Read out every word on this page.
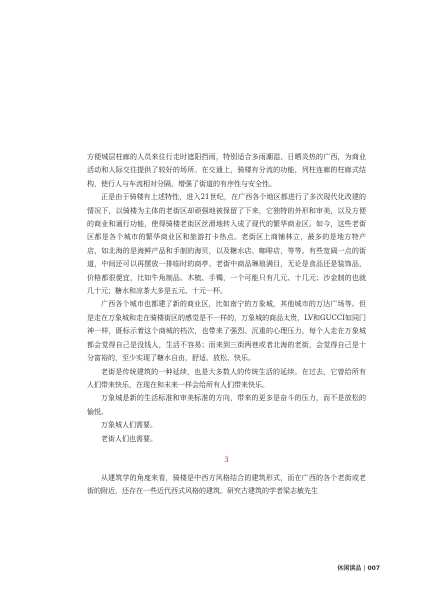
方便城层柱廊的人员来往行走时遮阳挡雨，特别适合多雨潮湿、日晒炎热的广西，为商业活动和人际交往提供了较好的场所。在交通上，骑楼有分流的功能，列柱连廊的柱廊式结构，使行人与车流相对分隔，增强了街道的有序性与安全性。

正是由于骑楼有上述特性，进入21世纪，在广西各个地区都进行了多次现代化改建的情况下，以骑楼为主体的老街区却顽强地被保留了下来，它独特的外形和审美，以及方便的商业和通行功能，使得骑楼老街区丝滑地转入成了现代的繁华商业区。如今，这些老街区都是各个城市的繁华商业区和旅游打卡热点。老街区上商铺林立，最多的是地方特产店，如北海的是海鲜产品和手制的海贝，以及糖水店、咖啡店，等等。有些宽阔一点的街道，中间还可以再摆放一排临时的商亭。老街中商品琳琅满目，无论是食品还是装饰品，价格都很便宜，比如牛角制品、木梳、手镯，一个可能只有几元、十几元；沙金制的也就几十元；糖水和凉茶大多是五元、十元一杯。

广西各个城市也都建了新的商业区，比如南宁的万象城，其他城市的万达广场等。但是走在万象城和走在骑楼街区的感觉是不一样的，万象城的商品太贵，LV和GUCCI如同门神一样，既标示着这个商城的档次，也带来了强烈、沉重的心理压力，每个人走在万象城都会觉得自己是没钱人，生活不容易；而来到三街两巷或者北海的老街，会觉得自己是十分富裕的，至少实现了糖水自由，舒适、放松、快乐。

老街是传统建筑的一种延续，也是大多数人的传统生活的延续。在过去，它曾给所有人们带来快乐，在现在和未来一样会给所有人们带来快乐。

万象城是新的生活标准和审美标准的方向，带来的更多是奋斗的压力，而不是放松的愉悦。

万象城人们需要。

老街人们也需要。

3

从建筑学的角度来看，骑楼是中西方风格结合的建筑形式，而在广西的各个老街或老街的附近，还存在一些近代西式风格的建筑。研究古建筑的学者梁志敏先生

休闲读品 | 007
